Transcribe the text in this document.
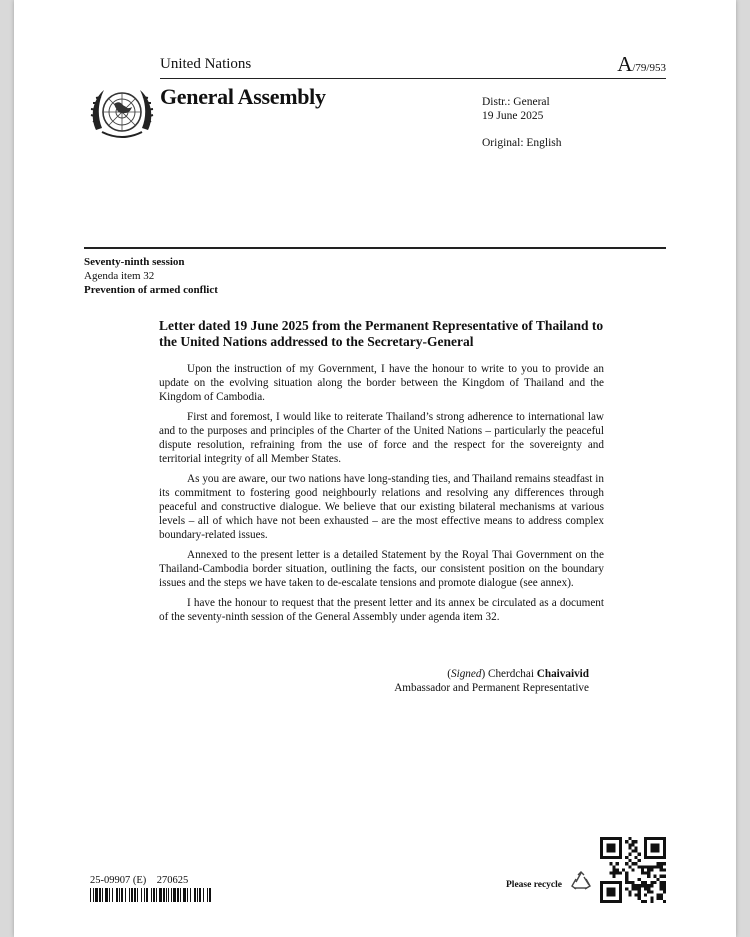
United Nations	A/79/953
General Assembly	Distr.: General
19 June 2025
Original: English
Seventy-ninth session
Agenda item 32
Prevention of armed conflict
Letter dated 19 June 2025 from the Permanent Representative of Thailand to the United Nations addressed to the Secretary-General

Upon the instruction of my Government, I have the honour to write to you to provide an update on the evolving situation along the border between the Kingdom of Thailand and the Kingdom of Cambodia.

First and foremost, I would like to reiterate Thailand’s strong adherence to international law and to the purposes and principles of the Charter of the United Nations – particularly the peaceful dispute resolution, refraining from the use of force and the respect for the sovereignty and territorial integrity of all Member States.

As you are aware, our two nations have long-standing ties, and Thailand remains steadfast in its commitment to fostering good neighbourly relations and resolving any differences through peaceful and constructive dialogue. We believe that our existing bilateral mechanisms at various levels – all of which have not been exhausted – are the most effective means to address complex boundary-related issues.

Annexed to the present letter is a detailed Statement by the Royal Thai Government on the Thailand-Cambodia border situation, outlining the facts, our consistent position on the boundary issues and the steps we have taken to de-escalate tensions and promote dialogue (see annex).

I have the honour to request that the present letter and its annex be circulated as a document of the seventy-ninth session of the General Assembly under agenda item 32.

(Signed) Cherdchai Chaivaivid
Ambassador and Permanent Representative
25-09907 (E)    270625	Please recycle
